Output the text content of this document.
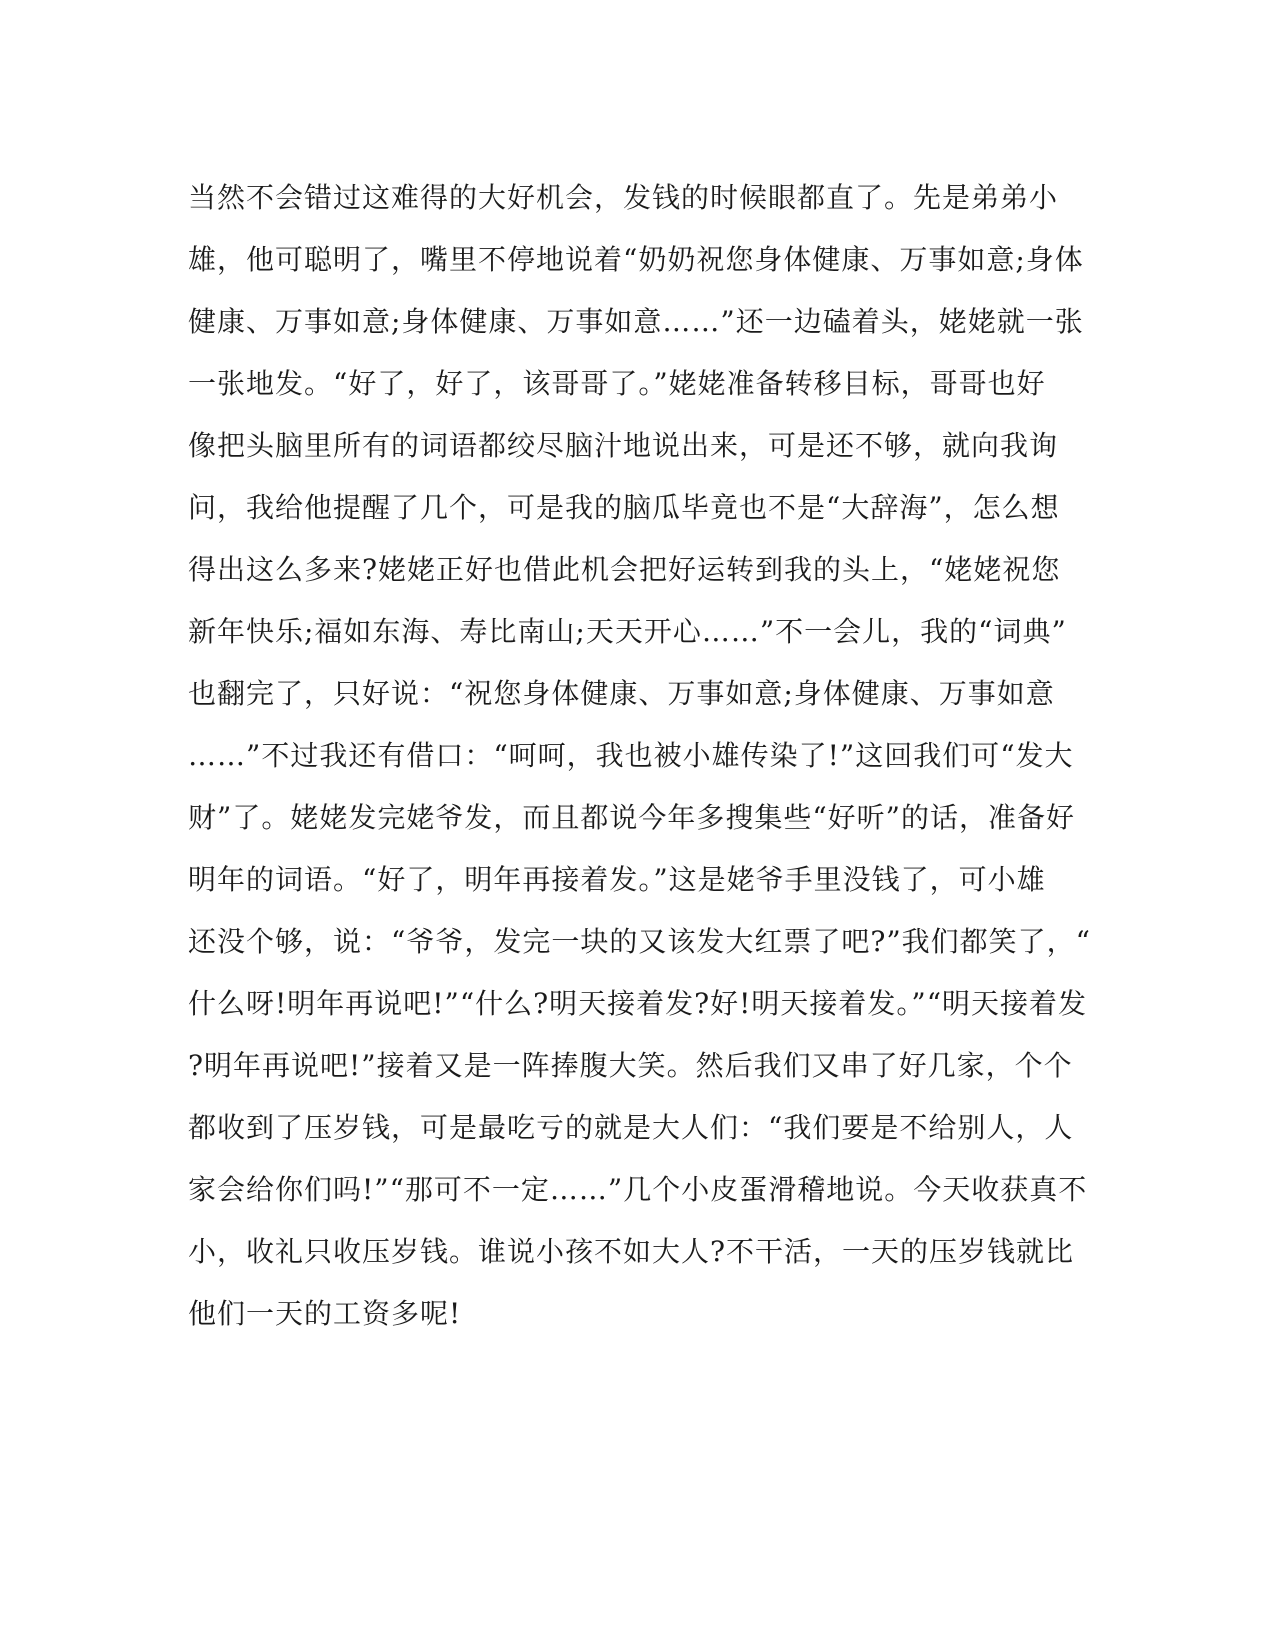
当然不会错过这难得的大好机会，发钱的时候眼都直了。先是弟弟小
雄，他可聪明了，嘴里不停地说着“奶奶祝您身体健康、万事如意;身体
健康、万事如意;身体健康、万事如意……”还一边磕着头，姥姥就一张
一张地发。“好了，好了，该哥哥了。”姥姥准备转移目标，哥哥也好
像把头脑里所有的词语都绞尽脑汁地说出来，可是还不够，就向我询
问，我给他提醒了几个，可是我的脑瓜毕竟也不是“大辞海”，怎么想
得出这么多来?姥姥正好也借此机会把好运转到我的头上，“姥姥祝您
新年快乐;福如东海、寿比南山;天天开心……”不一会儿，我的“词典”
也翻完了，只好说：“祝您身体健康、万事如意;身体健康、万事如意
……”不过我还有借口：“呵呵，我也被小雄传染了!”这回我们可“发大
财”了。姥姥发完姥爷发，而且都说今年多搜集些“好听”的话，准备好
明年的词语。“好了，明年再接着发。”这是姥爷手里没钱了，可小雄
还没个够，说：“爷爷，发完一块的又该发大红票了吧?”我们都笑了，“
什么呀!明年再说吧!”“什么?明天接着发?好!明天接着发。”“明天接着发
?明年再说吧!”接着又是一阵捧腹大笑。然后我们又串了好几家，个个
都收到了压岁钱，可是最吃亏的就是大人们：“我们要是不给别人，人
家会给你们吗!”“那可不一定……”几个小皮蛋滑稽地说。今天收获真不
小，收礼只收压岁钱。谁说小孩不如大人?不干活，一天的压岁钱就比
他们一天的工资多呢!
